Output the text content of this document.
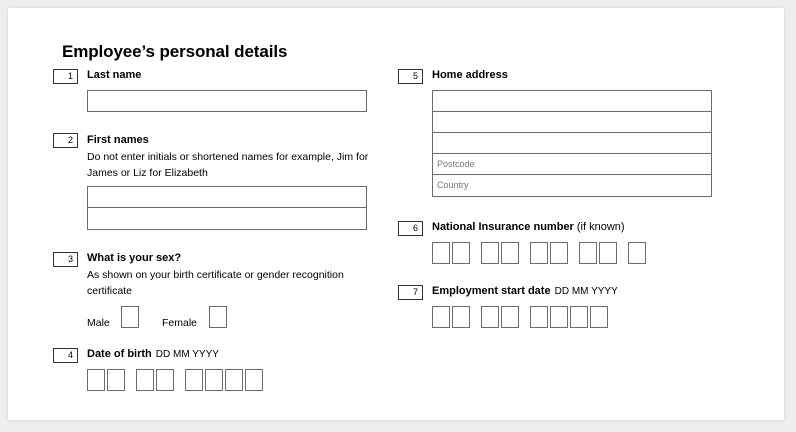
Employee’s personal details
1	Last name
2	First names
Do not enter initials or shortened names for example, Jim for James or Liz for Elizabeth
3	What is your sex?
As shown on your birth certificate or gender recognition certificate
Male	Female
4	Date of birth DD MM YYYY
5	Home address
Postcode
Country
6	National Insurance number (if known)
7	Employment start date DD MM YYYY
